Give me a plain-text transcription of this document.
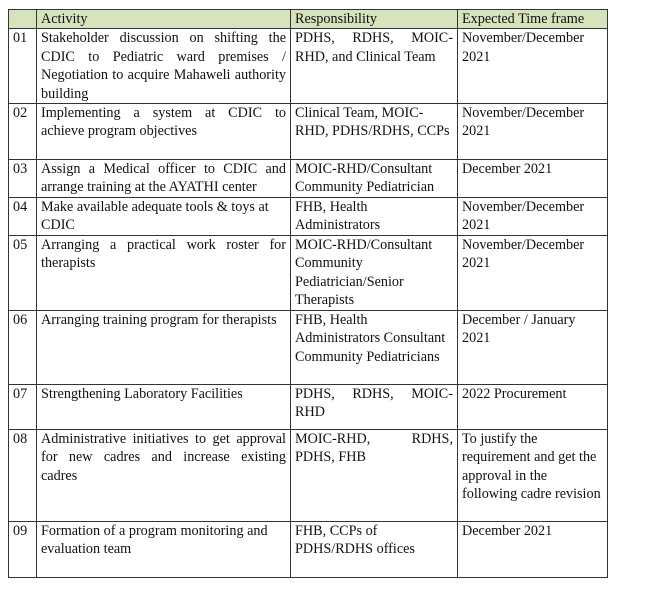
	Activity	Responsibility	Expected Time frame
01	Stakeholder discussion on shifting the CDIC to Pediatric ward premises / Negotiation to acquire Mahaweli authority building	PDHS, RDHS, MOIC-RHD, and Clinical Team	November/December 2021
02	Implementing a system at CDIC to achieve program objectives	Clinical Team, MOIC-RHD, PDHS/RDHS, CCPs	November/December 2021
03	Assign a Medical officer to CDIC and arrange training at the AYATHI center	MOIC-RHD/Consultant Community Pediatrician	December 2021
04	Make available adequate tools & toys at CDIC	FHB, Health Administrators	November/December 2021
05	Arranging a practical work roster for therapists	MOIC-RHD/Consultant Community Pediatrician/Senior Therapists	November/December 2021
06	Arranging training program for therapists	FHB, Health Administrators Consultant Community Pediatricians	December / January 2021
07	Strengthening Laboratory Facilities	PDHS, RDHS, MOIC-RHD	2022 Procurement
08	Administrative initiatives to get approval for new cadres and increase existing cadres	MOIC-RHD, RDHS, PDHS, FHB	To justify the requirement and get the approval in the following cadre revision
09	Formation of a program monitoring and evaluation team	FHB, CCPs of PDHS/RDHS offices	December 2021
